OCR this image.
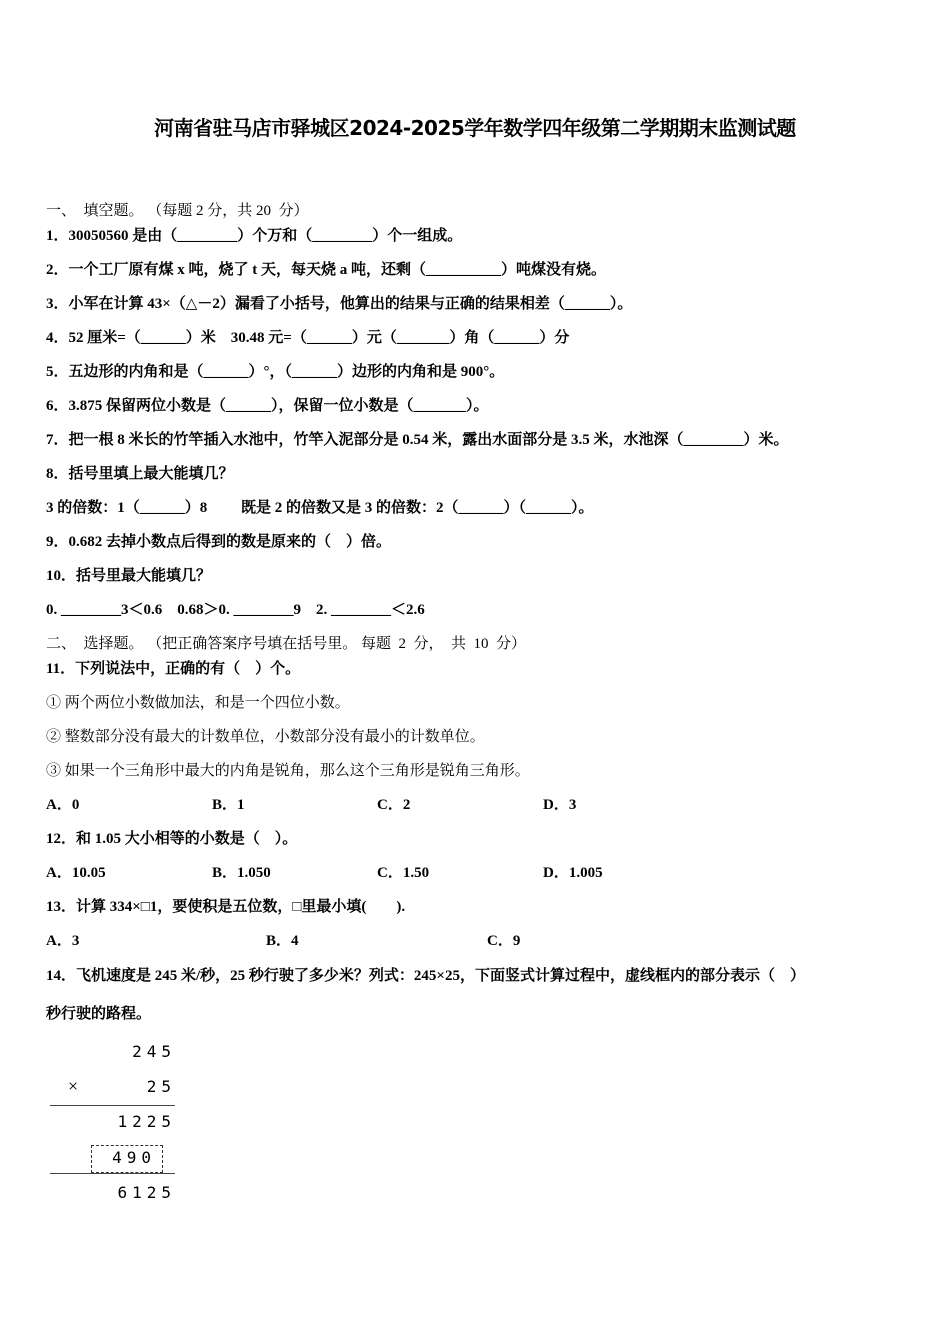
河南省驻马店市驿城区2024-2025学年数学四年级第二学期期末监测试题
一、  填空题。 （每题 2 分，共 20  分）
1．30050560 是由（________）个万和（________）个一组成。
2．一个工厂原有煤 x 吨，烧了 t 天，每天烧 a 吨，还剩（__________）吨煤没有烧。
3．小军在计算 43×（△－2）漏看了小括号，他算出的结果与正确的结果相差（______）。
4．52 厘米=（______）米    30.48 元=（______）元（_______）角（______）分
5．五边形的内角和是（______）°，（______）边形的内角和是 900°。
6．3.875 保留两位小数是（______），保留一位小数是（_______）。
7．把一根 8 米长的竹竿插入水池中，竹竿入泥部分是 0.54 米，露出水面部分是 3.5 米，水池深（________）米。
8．括号里填上最大能填几？
3 的倍数：1（______）8         既是 2 的倍数又是 3 的倍数：2（______）（______）。
9．0.682 去掉小数点后得到的数是原来的（    ）倍。
10．括号里最大能填几？
0. ________3＜0.6    0.68＞0. ________9    2. ________＜2.6
二、  选择题。 （把正确答案序号填在括号里。 每题  2  分，  共  10  分）
11．下列说法中，正确的有（    ）个。
① 两个两位小数做加法，和是一个四位小数。
② 整数部分没有最大的计数单位，小数部分没有最小的计数单位。
③ 如果一个三角形中最大的内角是锐角，那么这个三角形是锐角三角形。
A．0	B．1	C．2	D．3
12．和 1.05 大小相等的小数是（    ）。
A．10.05	B．1.050	C．1.50	D．1.005
13．计算 334×□1，要使积是五位数，□里最小填(        ).
A．3	B．4	C．9
14．飞机速度是 245 米/秒，25 秒行驶了多少米？列式：245×25，下面竖式计算过程中，虚线框内的部分表示（    ）
秒行驶的路程。
245
×	25
1225
490
6125
